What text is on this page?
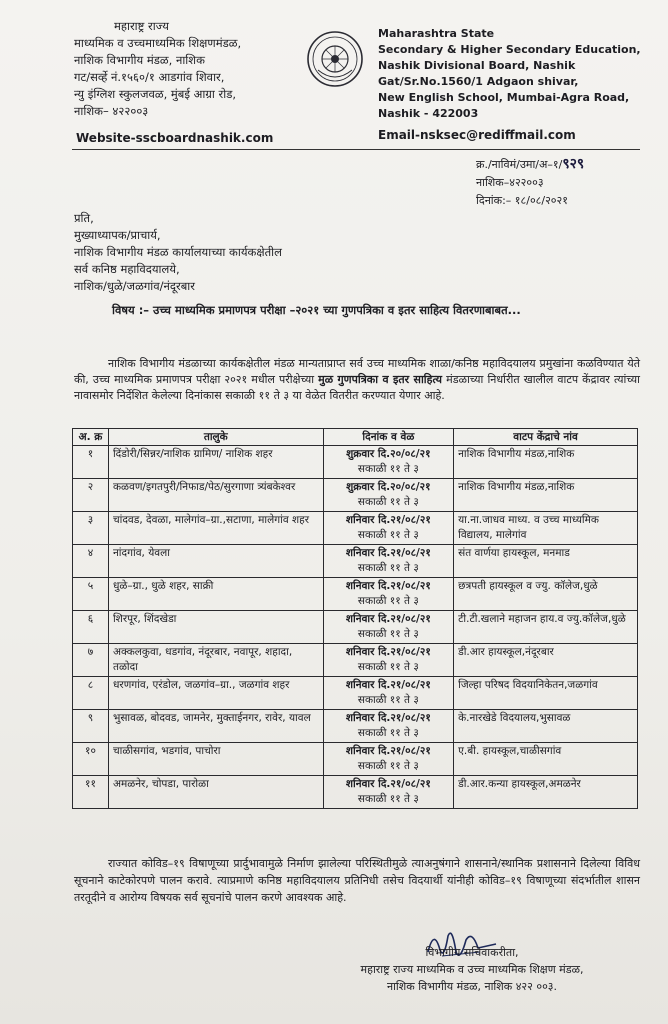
महाराष्ट्र राज्य
माध्यमिक व उच्चमाध्यमिक शिक्षणमंडळ,
नाशिक विभागीय मंडळ, नाशिक
गट/सर्व्हे नं.१५६०/१ आडगांव शिवार,
न्यु इंग्लिश स्कुलजवळ, मुंबई आग्रा रोड,
नाशिक– ४२२००३
Maharashtra State
Secondary & Higher Secondary Education,
Nashik Divisional Board, Nashik
Gat/Sr.No.1560/1 Adgaon shivar,
New English School, Mumbai-Agra Road,
Nashik - 422003
Website-sscboardnashik.com	Email-nsksec@rediffmail.com
क्र./नाविमं/उमा/अ–१/९२९
नाशिक–४२२००३
दिनांक:– १८/०८/२०२१
प्रति,
मुख्याध्यापक/प्राचार्य,
नाशिक विभागीय मंडळ कार्यालयाच्या कार्यकक्षेतील
सर्व कनिष्ठ महाविदयालये,
नाशिक/धुळे/जळगांव/नंदूरबार
विषय :– उच्च माध्यमिक प्रमाणपत्र परीक्षा –२०२१ च्या गुणपत्रिका व इतर साहित्य वितरणाबाबत...
नाशिक विभागीय मंडळाच्या कार्यकक्षेतील मंडळ मान्यताप्राप्त सर्व उच्च माध्यमिक शाळा/कनिष्ठ महाविदयालय प्रमुखांना कळविण्यात येते की, उच्च माध्यमिक प्रमाणपत्र परीक्षा २०२१ मधील परीक्षेच्या मुळ गुणपत्रिका व इतर साहित्य मंडळाच्या निर्धारीत खालील वाटप केंद्रावर त्यांच्या नावासमोर निर्देशित केलेल्या दिनांकास सकाळी ११ ते ३ या वेळेत वितरीत करण्यात येणार आहे.
अ. क्र	तालुके	दिनांक व वेळ	वाटप केंद्राचे नांव
१	दिंडोरी/सिन्नर/नाशिक ग्रामिण/ नाशिक शहर	शुक्रवार दि.२०/०८/२१
सकाळी ११ ते ३	नाशिक विभागीय मंडळ,नाशिक
२	कळवण/इगतपुरी/निफाड/पेठ/सुरगाणा त्र्यंबकेश्वर	शुक्रवार दि.२०/०८/२१
सकाळी ११ ते ३	नाशिक विभागीय मंडळ,नाशिक
३	चांदवड, देवळा, मालेगांव–ग्रा.,सटाणा, मालेगांव शहर	शनिवार दि.२१/०८/२१
सकाळी ११ ते ३	या.ना.जाधव माध्य. व उच्च माध्यमिक विद्यालय, मालेगांव
४	नांदगांव, येवला	शनिवार दि.२१/०८/२१
सकाळी ११ ते ३	संत वार्णया हायस्कूल, मनमाड
५	धुळे–ग्रा., धुळे शहर, साक्री	शनिवार दि.२१/०८/२१
सकाळी ११ ते ३	छत्रपती हायस्कूल व ज्यु. कॉलेज,धुळे
६	शिरपूर, शिंदखेडा	शनिवार दि.२१/०८/२१
सकाळी ११ ते ३	टी.टी.खलाने महाजन हाय.व ज्यु.कॉलेज,धुळे
७	अक्कलकुवा, धडगांव, नंदूरबार, नवापूर, शहादा, तळोदा	शनिवार दि.२१/०८/२१
सकाळी ११ ते ३	डी.आर हायस्कूल,नंदूरबार
८	धरणगांव, एरंडोल, जळगांव–ग्रा., जळगांव शहर	शनिवार दि.२१/०८/२१
सकाळी ११ ते ३	जिल्हा परिषद विदयानिकेतन,जळगांव
९	भुसावळ, बोदवड, जामनेर, मुक्ताईनगर, रावेर, यावल	शनिवार दि.२१/०८/२१
सकाळी ११ ते ३	के.नारखेडे विदयालय,भुसावळ
१०	चाळीसगांव, भडगांव, पाचोरा	शनिवार दि.२१/०८/२१
सकाळी ११ ते ३	ए.बी. हायस्कूल,चाळीसगांव
११	अमळनेर, चोपडा, पारोळा	शनिवार दि.२१/०८/२१
सकाळी ११ ते ३	डी.आर.कन्या हायस्कूल,अमळनेर
राज्यात कोविड–१९ विषाणूच्या प्रार्दुभावामुळे निर्माण झालेल्या परिस्थितीमुळे त्याअनुषंगाने शासनाने/स्थानिक प्रशासनाने दिलेल्या विविध सूचनाने काटेकोरपणे पालन करावे. त्याप्रमाणे कनिष्ठ महाविदयालय प्रतिनिधी तसेच विदयार्थी यांनीही कोविड–१९ विषाणूच्या संदर्भातील शासन तरतूदीने व आरोग्य विषयक सर्व सूचनांचे पालन करणे आवश्यक आहे.
विभागीय सचिवाकरीता,
महाराष्ट्र राज्य माध्यमिक व उच्च माध्यमिक शिक्षण मंडळ,
नाशिक विभागीय मंडळ, नाशिक ४२२ ००३.
